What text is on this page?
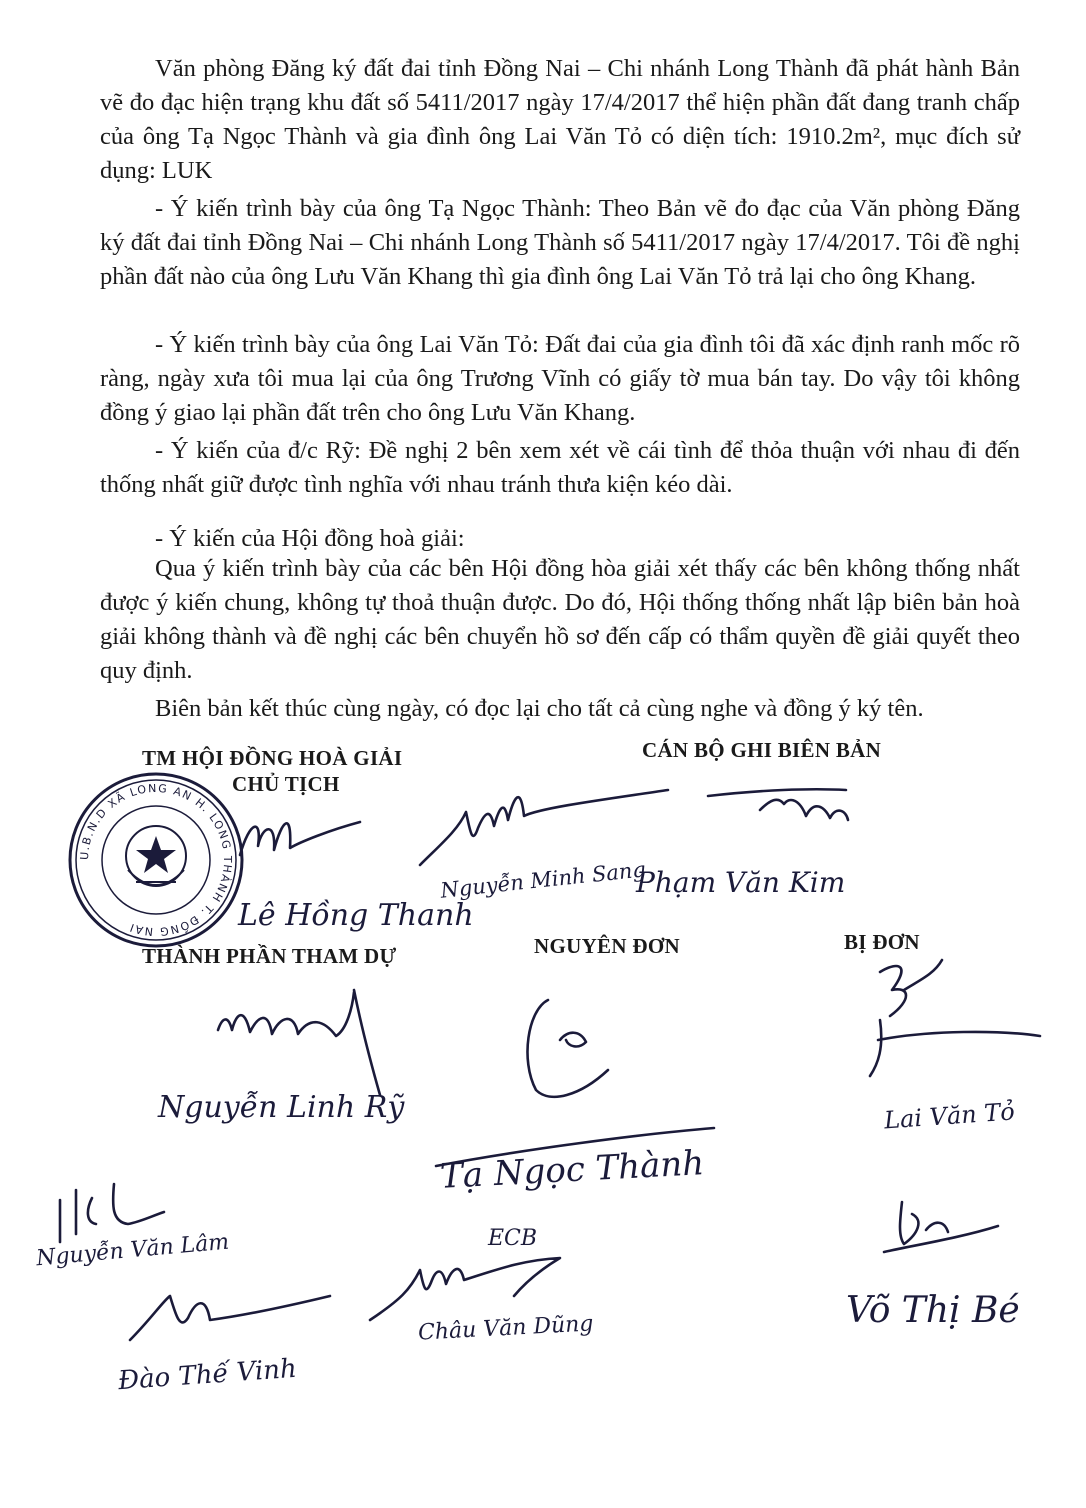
Văn phòng Đăng ký đất đai tỉnh Đồng Nai – Chi nhánh Long Thành đã phát hành Bản vẽ đo đạc hiện trạng khu đất số 5411/2017 ngày 17/4/2017 thể hiện phần đất đang tranh chấp của ông Tạ Ngọc Thành và gia đình ông Lai Văn Tỏ có diện tích: 1910.2m², mục đích sử dụng: LUK

- Ý kiến trình bày của ông Tạ Ngọc Thành: Theo Bản vẽ đo đạc của Văn phòng Đăng ký đất đai tỉnh Đồng Nai – Chi nhánh Long Thành số 5411/2017 ngày 17/4/2017. Tôi đề nghị phần đất nào của ông Lưu Văn Khang thì gia đình ông Lai Văn Tỏ trả lại cho ông Khang.

- Ý kiến trình bày của ông Lai Văn Tỏ: Đất đai của gia đình tôi đã xác định ranh mốc rõ ràng, ngày xưa tôi mua lại của ông Trương Vĩnh có giấy tờ mua bán tay. Do vậy tôi không đồng ý giao lại phần đất trên cho ông Lưu Văn Khang.

- Ý kiến của đ/c Rỹ: Đề nghị 2 bên xem xét về cái tình để thỏa thuận với nhau đi đến thống nhất giữ được tình nghĩa với nhau tránh thưa kiện kéo dài.

- Ý kiến của Hội đồng hoà giải:

Qua ý kiến trình bày của các bên Hội đồng hòa giải xét thấy các bên không thống nhất được ý kiến chung, không tự thoả thuận được. Do đó, Hội thống thống nhất lập biên bản hoà giải không thành và đề nghị các bên chuyển hồ sơ đến cấp có thẩm quyền đề giải quyết theo quy định.

Biên bản kết thúc cùng ngày, có đọc lại cho tất cả cùng nghe và đồng ý ký tên.

TM HỘI ĐỒNG HOÀ GIẢI
CHỦ TỊCH
CÁN BỘ GHI BIÊN BẢN
THÀNH PHẦN THAM DỰ	NGUYÊN ĐƠN	BỊ ĐƠN
U.B.N.D XÃ LONG AN H. LONG THÀNH T. ĐỒNG NAI	Lê Hồng Thanh
Nguyễn Minh Sang
Phạm Văn Kim
Nguyễn Linh Rỹ
Tạ Ngọc Thành
Lai Văn Tỏ
Nguyễn Văn Lâm	ECB
Châu Văn Dũng
Đào Thế Vinh
Võ Thị Bé
